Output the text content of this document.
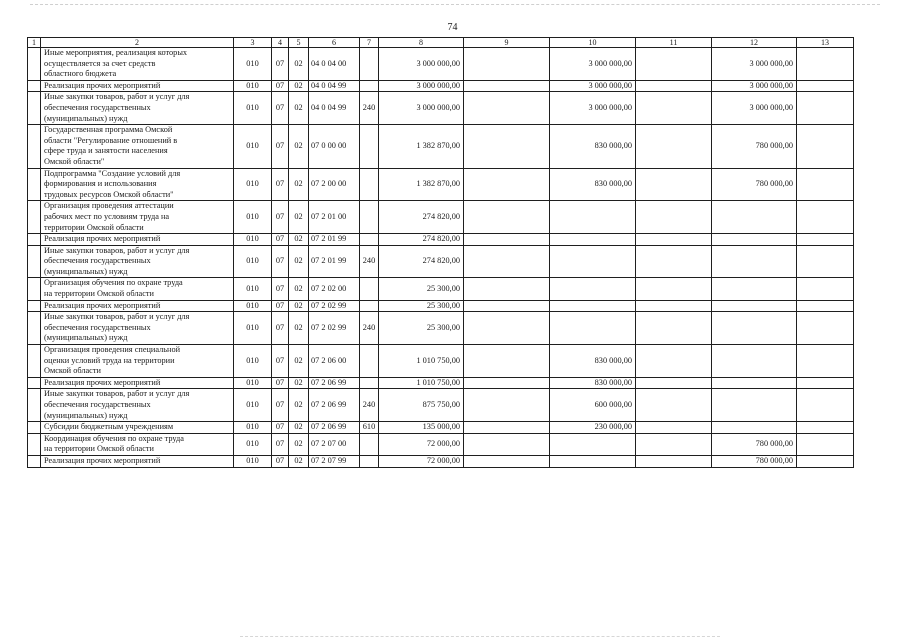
74
1	2	3	4	5	6	7	8	9	10	11	12	13
	Иные мероприятия, реализация которых
осуществляется за счет средств
областного бюджета	010	07	02	04 0 04 00		3 000 000,00		3 000 000,00		3 000 000,00	
	Реализация прочих мероприятий	010	07	02	04 0 04 99		3 000 000,00		3 000 000,00		3 000 000,00	
	Иные закупки товаров, работ и услуг для
обеспечения государственных
(муниципальных) нужд	010	07	02	04 0 04 99	240	3 000 000,00		3 000 000,00		3 000 000,00	
	Государственная программа Омской
области "Регулирование отношений в
сфере труда и занятости населения
Омской области"	010	07	02	07 0 00 00		1 382 870,00		830 000,00		780 000,00	
	Подпрограмма "Создание условий для
формирования и использования
трудовых ресурсов Омской области"	010	07	02	07 2 00 00		1 382 870,00		830 000,00		780 000,00	
	Организация проведения аттестации
рабочих мест по условиям труда на
территории Омской области	010	07	02	07 2 01 00		274 820,00					
	Реализация прочих мероприятий	010	07	02	07 2 01 99		274 820,00					
	Иные закупки товаров, работ и услуг для
обеспечения государственных
(муниципальных) нужд	010	07	02	07 2 01 99	240	274 820,00					
	Организация обучения по охране труда
на территории Омской области	010	07	02	07 2 02 00		25 300,00					
	Реализация прочих мероприятий	010	07	02	07 2 02 99		25 300,00					
	Иные закупки товаров, работ и услуг для
обеспечения государственных
(муниципальных) нужд	010	07	02	07 2 02 99	240	25 300,00					
	Организация проведения специальной
оценки условий труда на территории
Омской области	010	07	02	07 2 06 00		1 010 750,00		830 000,00			
	Реализация прочих мероприятий	010	07	02	07 2 06 99		1 010 750,00		830 000,00			
	Иные закупки товаров, работ и услуг для
обеспечения государственных
(муниципальных) нужд	010	07	02	07 2 06 99	240	875 750,00		600 000,00			
	Субсидии бюджетным учреждениям	010	07	02	07 2 06 99	610	135 000,00		230 000,00			
	Координация обучения по охране труда
на территории Омской области	010	07	02	07 2 07 00		72 000,00				780 000,00	
	Реализация прочих мероприятий	010	07	02	07 2 07 99		72 000,00				780 000,00	
